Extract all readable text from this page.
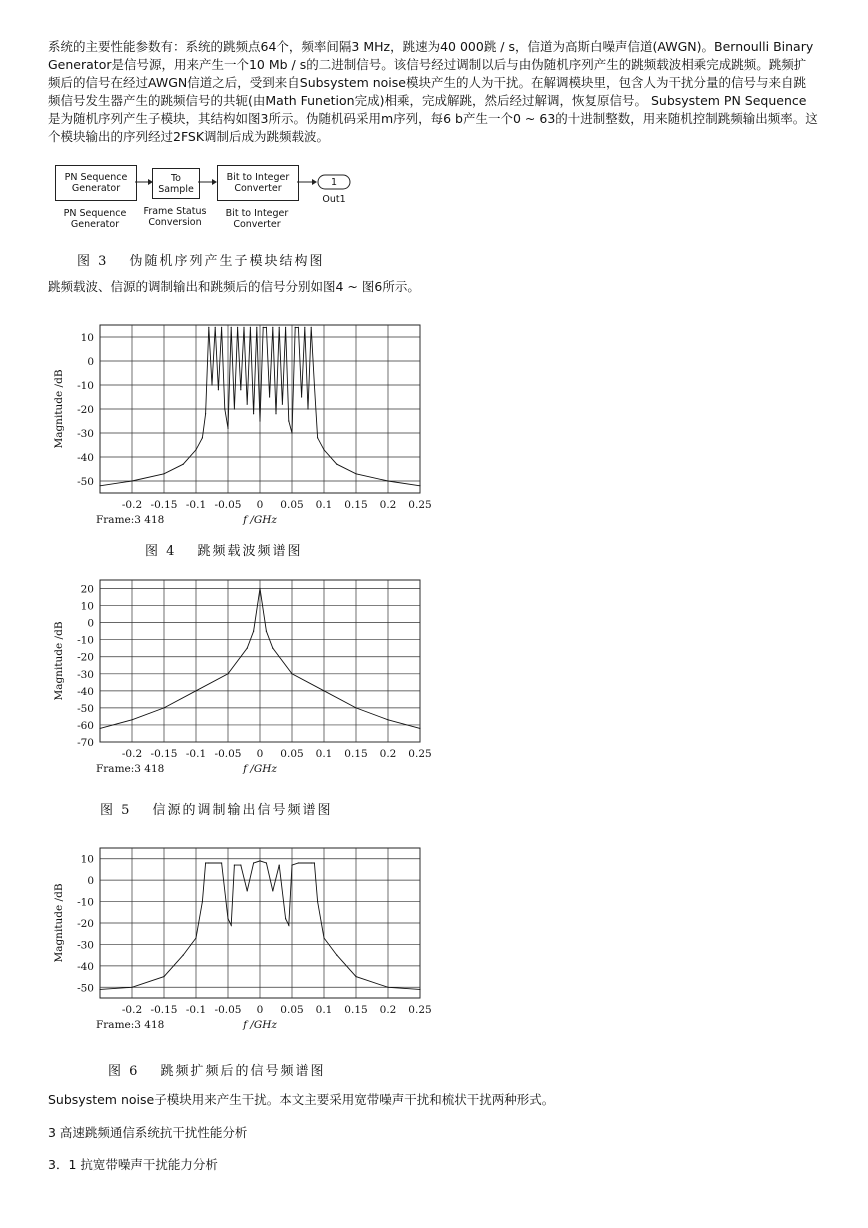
系统的主要性能参数有：系统的跳频点64个，频率间隔3 MHz，跳速为40 000跳 / s，信道为高斯白噪声信道(AWGN)。Bernoulli Binary Generator是信号源，用来产生一个10 Mb / s的二进制信号。该信号经过调制以后与由伪随机序列产生的跳频载波相乘完成跳频。跳频扩频后的信号在经过AWGN信道之后，受到来自Subsystem noise模块产生的人为干扰。在解调模块里，包含人为干扰分量的信号与来自跳频信号发生器产生的跳频信号的共轭(由Math Funetion完成)相乘，完成解跳，然后经过解调，恢复原信号。 Subsystem PN Sequence是为随机序列产生子模块，其结构如图3所示。伪随机码采用m序列，每6 b产生一个0 ~ 63的十进制整数，用来随机控制跳频输出频率。这个模块输出的序列经过2FSK调制后成为跳频载波。

PN Sequence
Generator
To
Sample
Bit to Integer
Converter
PN Sequence
Generator
Frame Status
Conversion
Bit to Integer
Converter
1
Out1
图 3　 伪随机序列产生子模块结构图

跳频载波、信源的调制输出和跳频后的信号分别如图4 ~ 图6所示。

-0.2 -0.15 -0.1 -0.05 0 0.05 0.1 0.15 0.2 0.25
10
0
-10
-20
-30
-40
-50
Magnitude /dB
Frame:3 418	f /GHz
图 4　 跳频载波频谱图
-0.2 -0.15 -0.1 -0.05 0 0.05 0.1 0.15 0.2 0.25
20
10
0
-10
-20
-30
-40
-50
-60
-70
Magnitude /dB
Frame:3 418	f /GHz
图 5　 信源的调制输出信号频谱图
-0.2 -0.15 -0.1 -0.05 0 0.05 0.1 0.15 0.2 0.25
10
0
-10
-20
-30
-40
-50
Magnitude /dB
Frame:3 418	f /GHz
图 6　 跳频扩频后的信号频谱图

Subsystem noise子模块用来产生干扰。本文主要采用宽带噪声干扰和梳状干扰两种形式。

3 高速跳频通信系统抗干扰性能分析

3．1 抗宽带噪声干扰能力分析
